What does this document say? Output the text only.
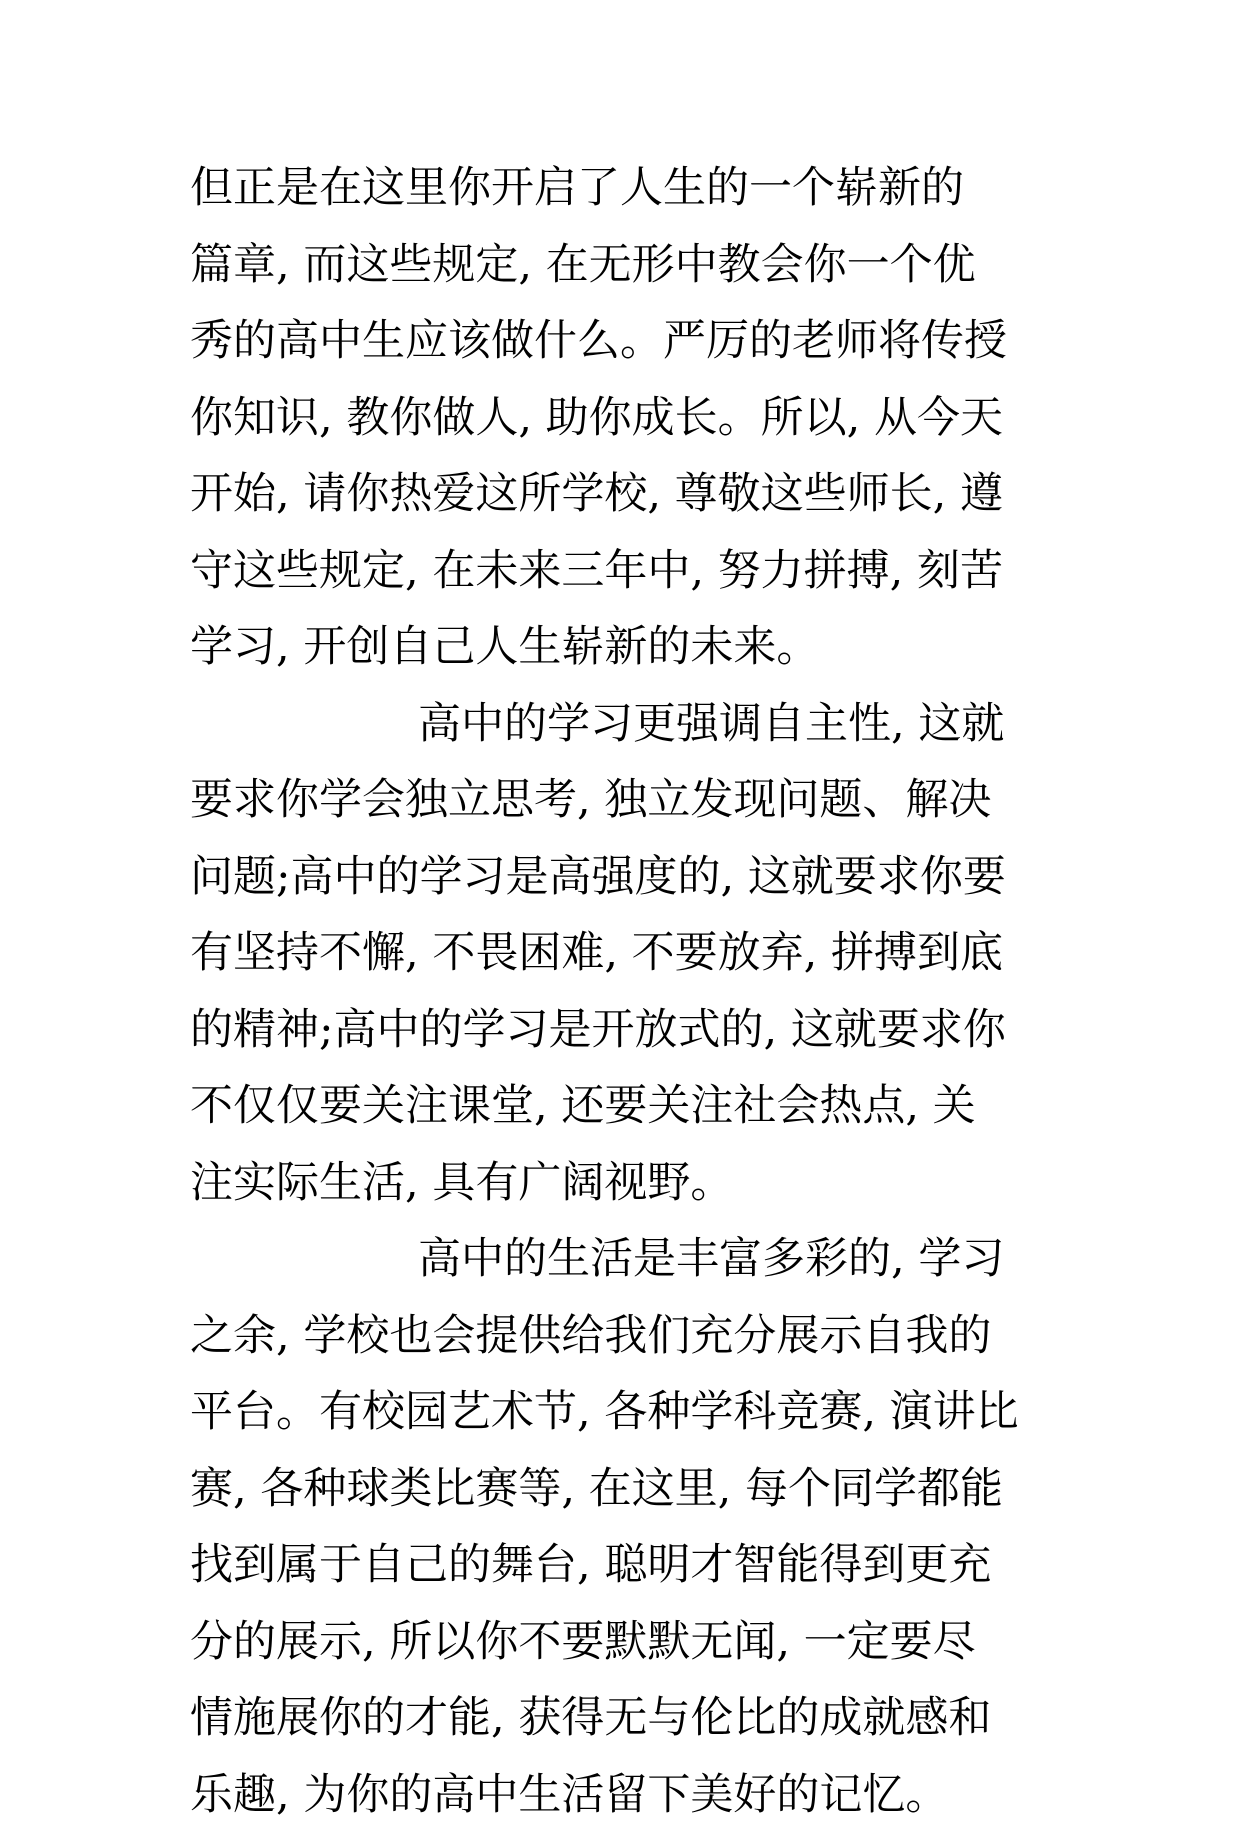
但正是在这里你开启了人生的一个崭新的
篇章, 而这些规定, 在无形中教会你一个优
秀的高中生应该做什么。严厉的老师将传授
你知识, 教你做人, 助你成长。所以, 从今天
开始, 请你热爱这所学校, 尊敬这些师长, 遵
守这些规定, 在未来三年中, 努力拼搏, 刻苦
学习, 开创自己人生崭新的未来。
高中的学习更强调自主性, 这就
要求你学会独立思考, 独立发现问题、解决
问题;高中的学习是高强度的, 这就要求你要
有坚持不懈, 不畏困难, 不要放弃, 拼搏到底
的精神;高中的学习是开放式的, 这就要求你
不仅仅要关注课堂, 还要关注社会热点, 关
注实际生活, 具有广阔视野。
高中的生活是丰富多彩的, 学习
之余, 学校也会提供给我们充分展示自我的
平台。有校园艺术节, 各种学科竞赛, 演讲比
赛, 各种球类比赛等, 在这里, 每个同学都能
找到属于自己的舞台, 聪明才智能得到更充
分的展示, 所以你不要默默无闻, 一定要尽
情施展你的才能, 获得无与伦比的成就感和
乐趣, 为你的高中生活留下美好的记忆。
